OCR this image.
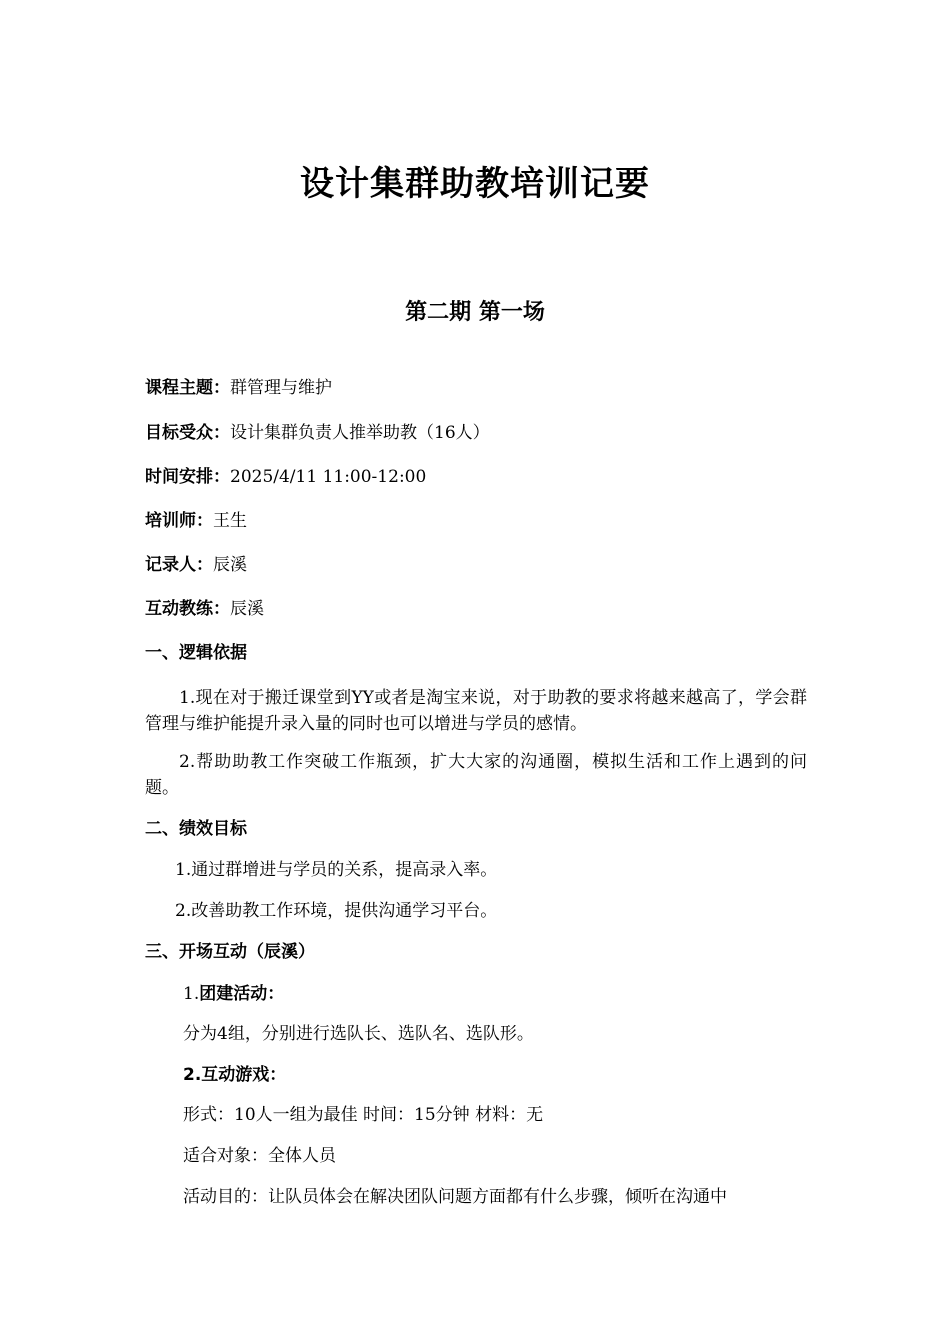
设计集群助教培训记要
第二期 第一场
课程主题：群管理与维护
目标受众：设计集群负责人推举助教（16人）
时间安排：2025/4/11 11:00-12:00
培训师：王生
记录人：辰溪
互动教练：辰溪
一、逻辑依据
1.现在对于搬迁课堂到YY或者是淘宝来说，对于助教的要求将越来越高了，学会群管理与维护能提升录入量的同时也可以增进与学员的感情。
2.帮助助教工作突破工作瓶颈，扩大大家的沟通圈，模拟生活和工作上遇到的问题。
二、绩效目标
1.通过群增进与学员的关系，提高录入率。
2.改善助教工作环境，提供沟通学习平台。
三、开场互动（辰溪）
1.团建活动：
分为4组，分别进行选队长、选队名、选队形。
2.互动游戏：
形式：10人一组为最佳 时间：15分钟 材料：无
适合对象：全体人员
活动目的：让队员体会在解决团队问题方面都有什么步骤，倾听在沟通中
